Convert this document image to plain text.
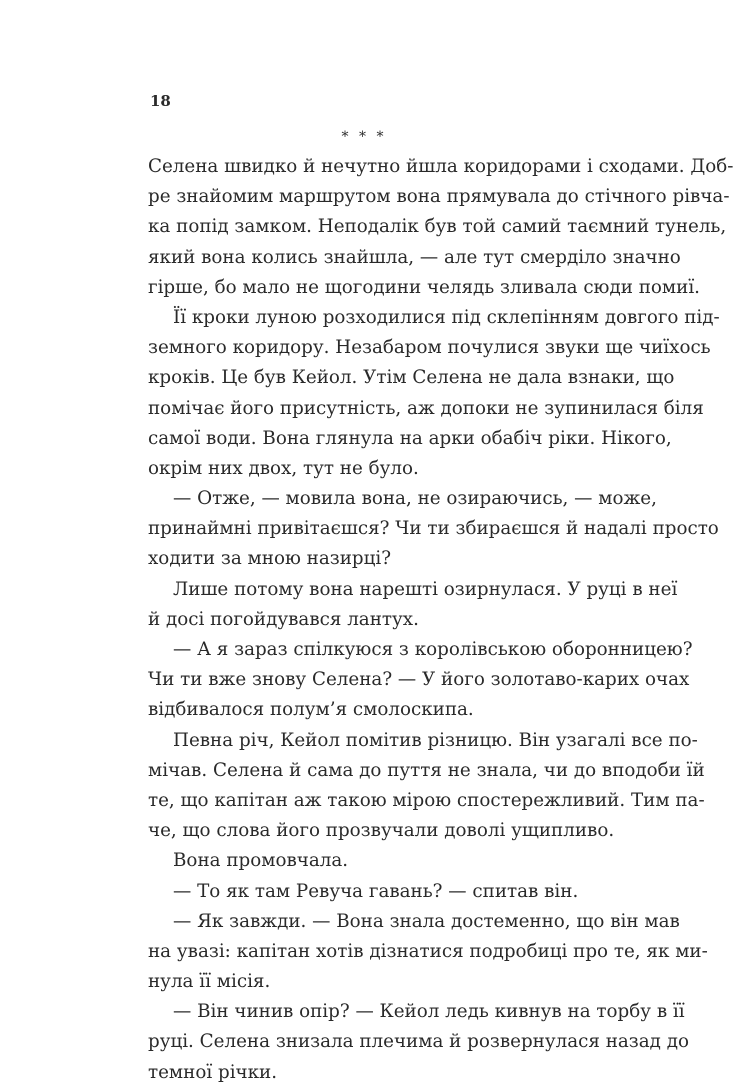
18
* * *
Селена швидко й нечутно йшла коридорами і сходами. Доб-
ре знайомим маршрутом вона прямувала до стічного рівча-
ка попід замком. Неподалік був той самий таємний тунель,
який вона колись знайшла, — але тут смерділо значно
гірше, бо мало не щогодини челядь зливала сюди помиї.
Її кроки луною розходилися під склепінням довгого під-
земного коридору. Незабаром почулися звуки ще чиїхось
кроків. Це був Кейол. Утім Селена не дала взнаки, що
помічає його присутність, аж допоки не зупинилася біля
самої води. Вона глянула на арки обабіч ріки. Нікого,
окрім них двох, тут не було.
— Отже, — мовила вона, не озираючись, — може,
принаймні привітаєшся? Чи ти збираєшся й надалі просто
ходити за мною назирці?
Лише потому вона нарешті озирнулася. У руці в неї
й досі погойдувався лантух.
— А я зараз спілкуюся з королівською оборонницею?
Чи ти вже знову Селена? — У його золотаво-карих очах
відбивалося полум’я смолоскипа.
Певна річ, Кейол помітив різницю. Він узагалі все по-
мічав. Селена й сама до пуття не знала, чи до вподоби їй
те, що капітан аж такою мірою спостережливий. Тим па-
че, що слова його прозвучали доволі ущипливо.
Вона промовчала.
— То як там Ревуча гавань? — спитав він.
— Як завжди. — Вона знала достеменно, що він мав
на увазі: капітан хотів дізнатися подробиці про те, як ми-
нула її місія.
— Він чинив опір? — Кейол ледь кивнув на торбу в її
руці. Селена знизала плечима й розвернулася назад до
темної річки.
